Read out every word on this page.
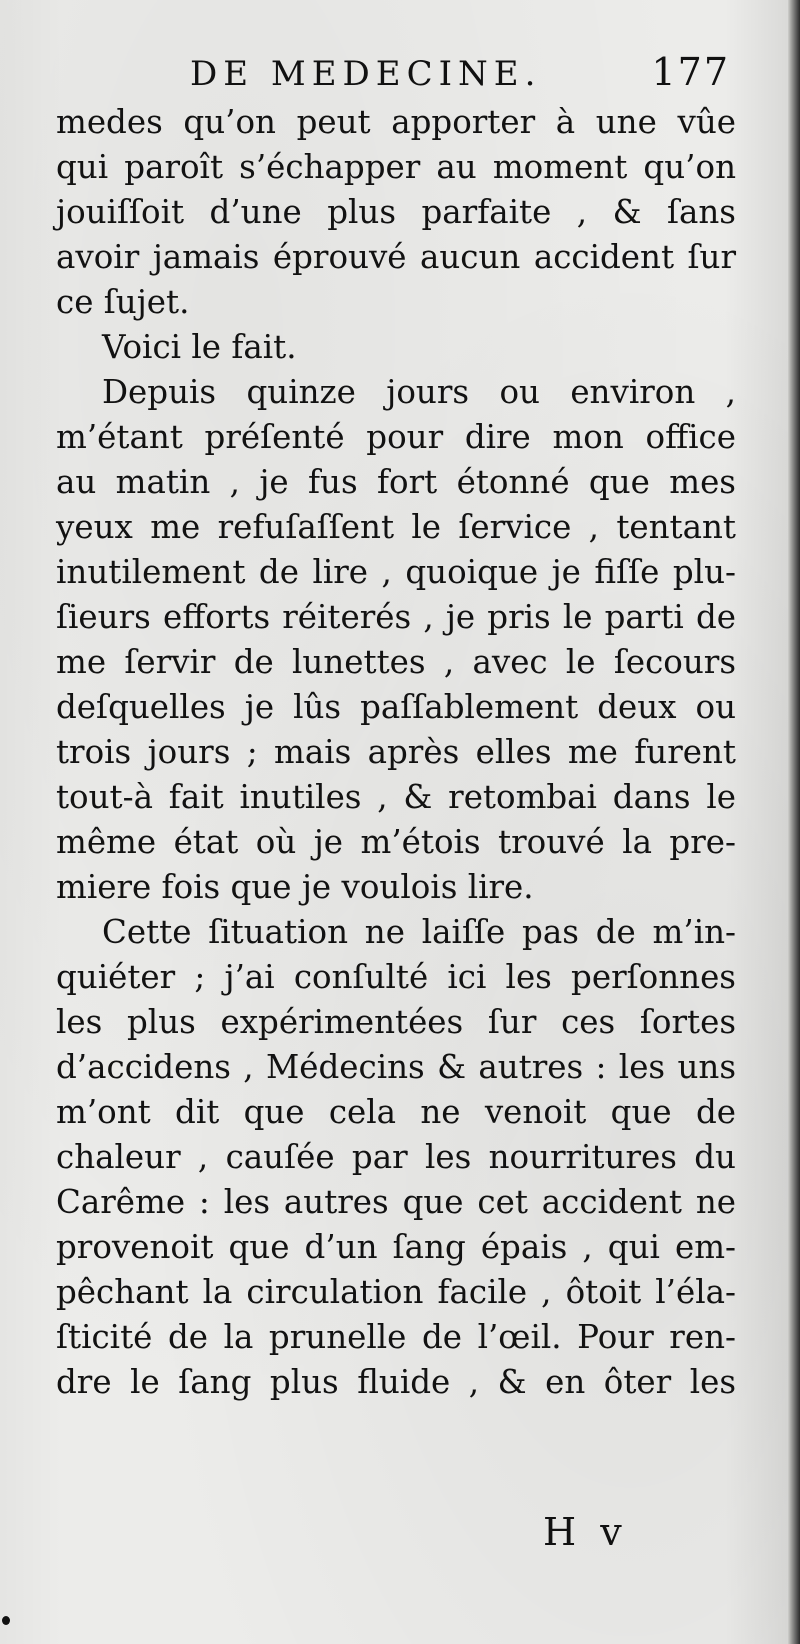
DE MEDECINE.	177
medes qu’on peut apporter à une vûe
qui paroît s’échapper au moment qu’on
jouiſſoit d’une plus parfaite , & ſans
avoir jamais éprouvé aucun accident ſur
ce ſujet.
Voici le fait.
Depuis quinze jours ou environ ,
m’étant préſenté pour dire mon office
au matin , je fus fort étonné que mes
yeux me refuſaſſent le ſervice , tentant
inutilement de lire , quoique je fiſſe plu-
ſieurs efforts réiterés , je pris le parti de
me ſervir de lunettes , avec le ſecours
deſquelles je lûs paſſablement deux ou
trois jours ; mais après elles me furent
tout-à fait inutiles , & retombai dans le
même état où je m’étois trouvé la pre-
miere fois que je voulois lire.
Cette ſituation ne laiſſe pas de m’in-
quiéter ; j’ai conſulté ici les perſonnes
les plus expérimentées ſur ces ſortes
d’accidens , Médecins & autres : les uns
m’ont dit que cela ne venoit que de
chaleur , cauſée par les nourritures du
Carême : les autres que cet accident ne
provenoit que d’un ſang épais , qui em-
pêchant la circulation facile , ôtoit l’éla-
ſticité de la prunelle de l’œil. Pour ren-
dre le ſang plus fluide , & en ôter les
H v
